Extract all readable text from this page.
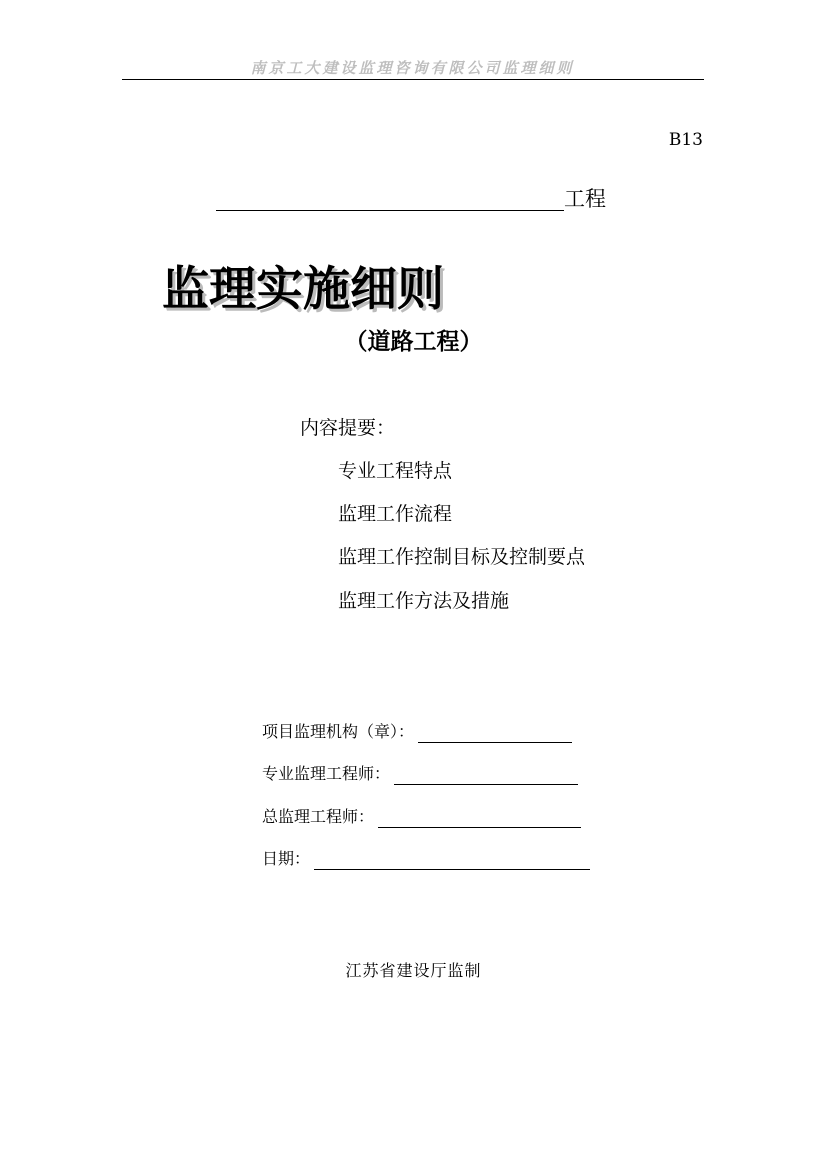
南京工大建设监理咨询有限公司监理细则
B13
工程
监理实施细则
（道路工程）
内容提要：
专业工程特点
监理工作流程
监理工作控制目标及控制要点
监理工作方法及措施
项目监理机构（章）：
专业监理工程师：
总监理工程师：
日期：
江苏省建设厅监制
